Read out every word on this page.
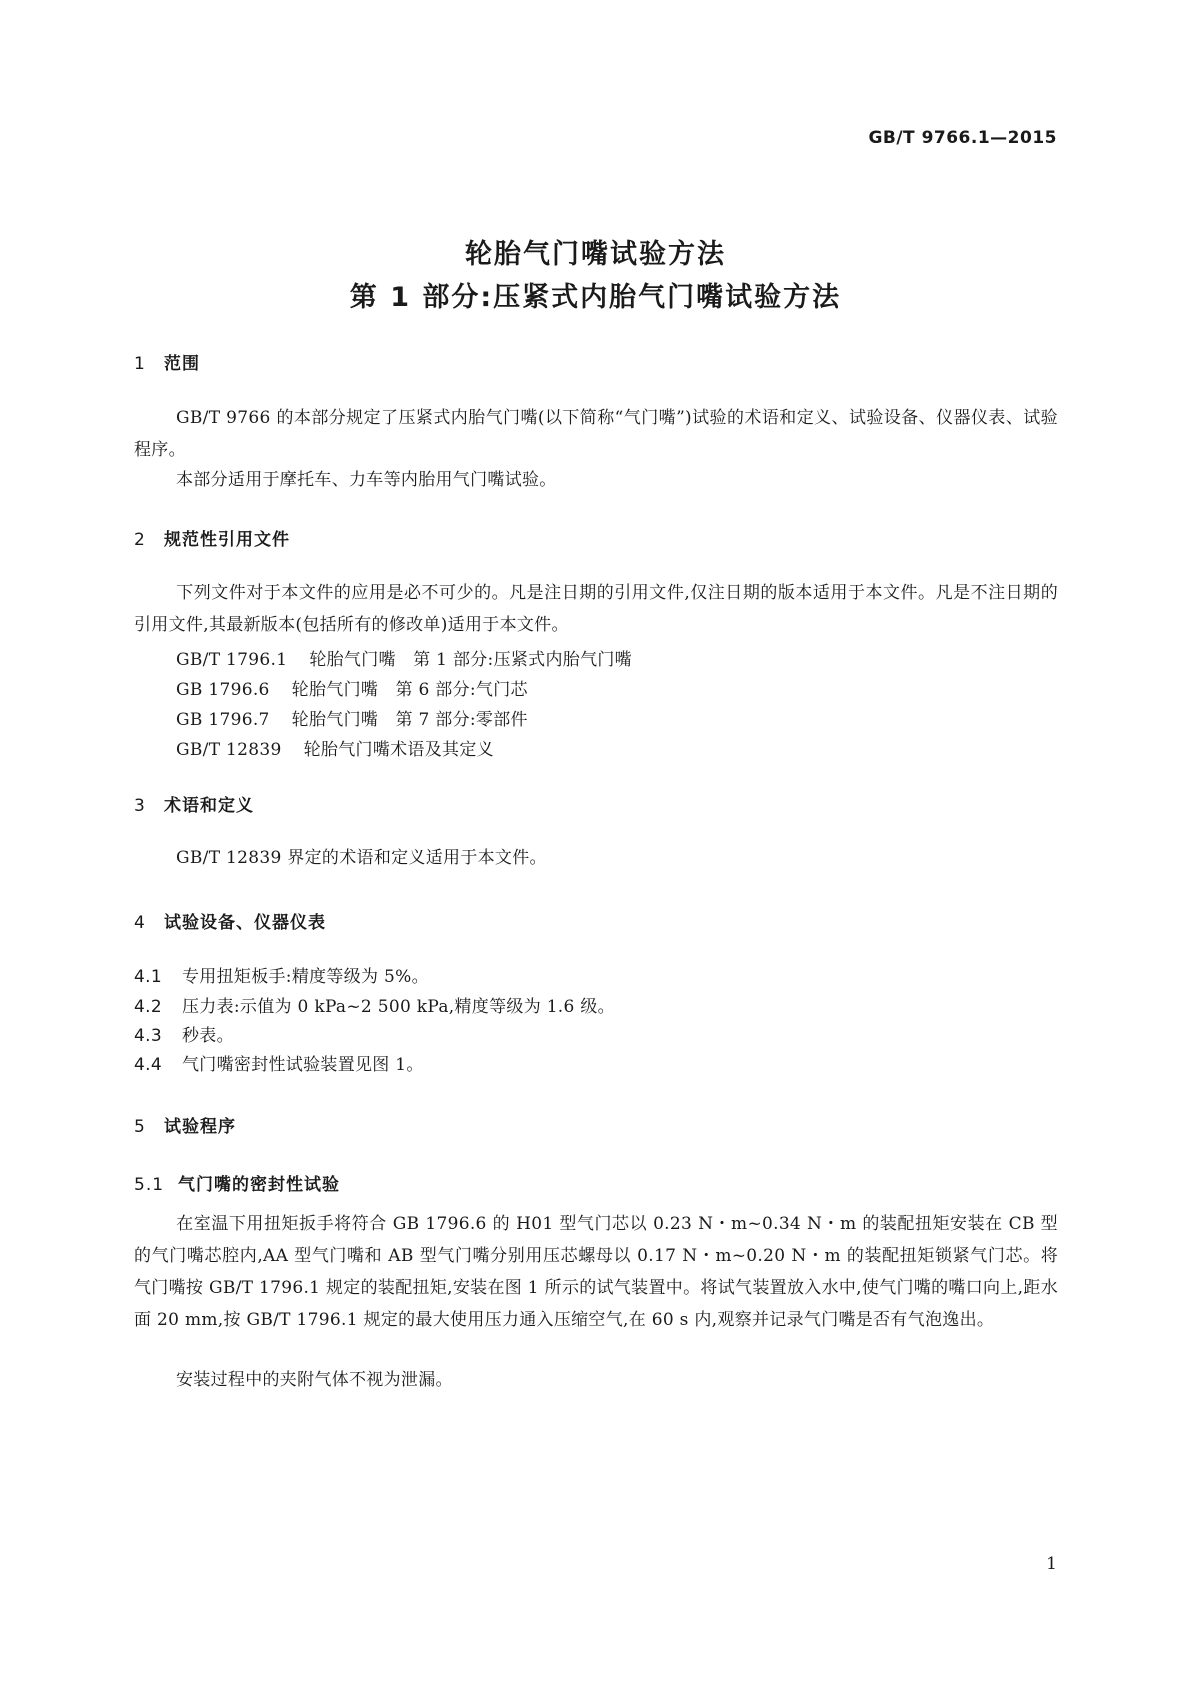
GB/T 9766.1—2015
轮胎气门嘴试验方法
第 1 部分:压紧式内胎气门嘴试验方法
1 范围
GB/T 9766 的本部分规定了压紧式内胎气门嘴(以下简称“气门嘴”)试验的术语和定义、试验设备、仪器仪表、试验程序。
本部分适用于摩托车、力车等内胎用气门嘴试验。
2 规范性引用文件
下列文件对于本文件的应用是必不可少的。凡是注日期的引用文件,仅注日期的版本适用于本文件。凡是不注日期的引用文件,其最新版本(包括所有的修改单)适用于本文件。
GB/T 1796.1 轮胎气门嘴　第 1 部分:压紧式内胎气门嘴
GB 1796.6 轮胎气门嘴　第 6 部分:气门芯
GB 1796.7 轮胎气门嘴　第 7 部分:零部件
GB/T 12839 轮胎气门嘴术语及其定义
3 术语和定义
GB/T 12839 界定的术语和定义适用于本文件。
4 试验设备、仪器仪表
4.1 专用扭矩板手:精度等级为 5%。
4.2 压力表:示值为 0 kPa~2 500 kPa,精度等级为 1.6 级。
4.3 秒表。
4.4 气门嘴密封性试验装置见图 1。
5 试验程序
5.1 气门嘴的密封性试验
在室温下用扭矩扳手将符合 GB 1796.6 的 H01 型气门芯以 0.23 N・m~0.34 N・m 的装配扭矩安装在 CB 型的气门嘴芯腔内,AA 型气门嘴和 AB 型气门嘴分别用压芯螺母以 0.17 N・m~0.20 N・m 的装配扭矩锁紧气门芯。将气门嘴按 GB/T 1796.1 规定的装配扭矩,安装在图 1 所示的试气装置中。将试气装置放入水中,使气门嘴的嘴口向上,距水面 20 mm,按 GB/T 1796.1 规定的最大使用压力通入压缩空气,在 60 s 内,观察并记录气门嘴是否有气泡逸出。
安装过程中的夹附气体不视为泄漏。
1
